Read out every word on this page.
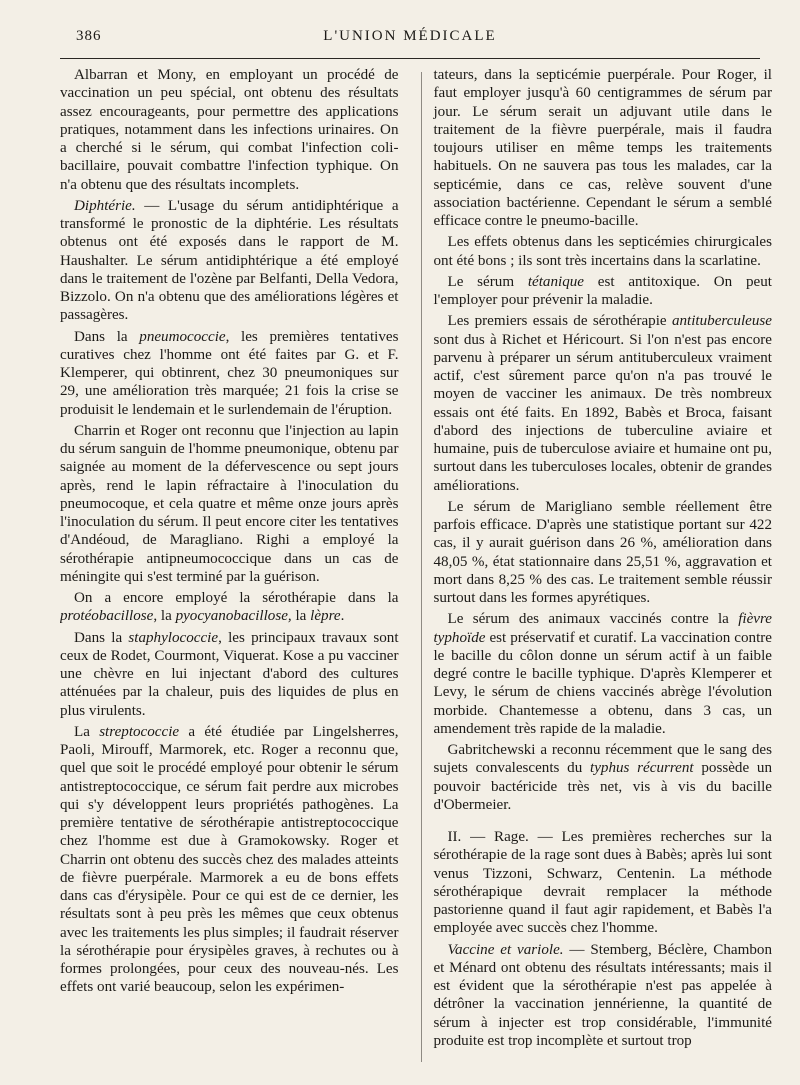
386	L'UNION MÉDICALE

Albarran et Mony, en employant un procédé de vaccination un peu spécial, ont obtenu des résultats assez encourageants, pour permettre des applications pratiques, notamment dans les infections urinaires. On a cherché si le sérum, qui combat l'infection coli-bacillaire, pouvait combattre l'infection typhique. On n'a obtenu que des résultats incomplets.

Diphtérie. — L'usage du sérum antidiphtérique a transformé le pronostic de la diphtérie. Les résultats obtenus ont été exposés dans le rapport de M. Haushalter. Le sérum antidiphtérique a été employé dans le traitement de l'ozène par Belfanti, Della Vedora, Bizzolo. On n'a obtenu que des améliorations légères et passagères.

Dans la pneumococcie, les premières tentatives curatives chez l'homme ont été faites par G. et F. Klemperer, qui obtinrent, chez 30 pneumoniques sur 29, une amélioration très marquée; 21 fois la crise se produisit le lendemain et le surlendemain de l'éruption.

Charrin et Roger ont reconnu que l'injection au lapin du sérum sanguin de l'homme pneumonique, obtenu par saignée au moment de la défervescence ou sept jours après, rend le lapin réfractaire à l'inoculation du pneumocoque, et cela quatre et même onze jours après l'inoculation du sérum. Il peut encore citer les tentatives d'Andéoud, de Maragliano. Righi a employé la sérothérapie antipneumococcique dans un cas de méningite qui s'est terminé par la guérison.

On a encore employé la sérothérapie dans la protéobacillose, la pyocyanobacillose, la lèpre.

Dans la staphylococcie, les principaux travaux sont ceux de Rodet, Courmont, Viquerat. Kose a pu vacciner une chèvre en lui injectant d'abord des cultures atténuées par la chaleur, puis des liquides de plus en plus virulents.

La streptococcie a été étudiée par Lingelsherres, Paoli, Mirouff, Marmorek, etc. Roger a reconnu que, quel que soit le procédé employé pour obtenir le sérum antistreptococcique, ce sérum fait perdre aux microbes qui s'y développent leurs propriétés pathogènes. La première tentative de sérothérapie antistreptococcique chez l'homme est due à Gramokowsky. Roger et Charrin ont obtenu des succès chez des malades atteints de fièvre puerpérale. Marmorek a eu de bons effets dans cas d'érysipèle. Pour ce qui est de ce dernier, les résultats sont à peu près les mêmes que ceux obtenus avec les traitements les plus simples; il faudrait réserver la sérothérapie pour érysipèles graves, à rechutes ou à formes prolongées, pour ceux des nouveau-nés. Les effets ont varié beaucoup, selon les expérimen-

tateurs, dans la septicémie puerpérale. Pour Roger, il faut employer jusqu'à 60 centigrammes de sérum par jour. Le sérum serait un adjuvant utile dans le traitement de la fièvre puerpérale, mais il faudra toujours utiliser en même temps les traitements habituels. On ne sauvera pas tous les malades, car la septicémie, dans ce cas, relève souvent d'une association bactérienne. Cependant le sérum a semblé efficace contre le pneumo-bacille.

Les effets obtenus dans les septicémies chirurgicales ont été bons ; ils sont très incertains dans la scarlatine.

Le sérum tétanique est antitoxique. On peut l'employer pour prévenir la maladie.

Les premiers essais de sérothérapie antituberculeuse sont dus à Richet et Héricourt. Si l'on n'est pas encore parvenu à préparer un sérum antituberculeux vraiment actif, c'est sûrement parce qu'on n'a pas trouvé le moyen de vacciner les animaux. De très nombreux essais ont été faits. En 1892, Babès et Broca, faisant d'abord des injections de tuberculine aviaire et humaine, puis de tuberculose aviaire et humaine ont pu, surtout dans les tuberculoses locales, obtenir de grandes améliorations.

Le sérum de Marigliano semble réellement être parfois efficace. D'après une statistique portant sur 422 cas, il y aurait guérison dans 26 %, amélioration dans 48,05 %, état stationnaire dans 25,51 %, aggravation et mort dans 8,25 % des cas. Le traitement semble réussir surtout dans les formes apyrétiques.

Le sérum des animaux vaccinés contre la fièvre typhoïde est préservatif et curatif. La vaccination contre le bacille du côlon donne un sérum actif à un faible degré contre le bacille typhique. D'après Klemperer et Levy, le sérum de chiens vaccinés abrège l'évolution morbide. Chantemesse a obtenu, dans 3 cas, un amendement très rapide de la maladie.

Gabritchewski a reconnu récemment que le sang des sujets convalescents du typhus récurrent possède un pouvoir bactéricide très net, vis à vis du bacille d'Obermeier.

II. — Rage. — Les premières recherches sur la sérothérapie de la rage sont dues à Babès; après lui sont venus Tizzoni, Schwarz, Centenin. La méthode sérothérapique devrait remplacer la méthode pastorienne quand il faut agir rapidement, et Babès l'a employée avec succès chez l'homme.

Vaccine et variole. — Stemberg, Béclère, Chambon et Ménard ont obtenu des résultats intéressants; mais il est évident que la sérothérapie n'est pas appelée à détrôner la vaccination jennérienne, la quantité de sérum à injecter est trop considérable, l'immunité produite est trop incomplète et surtout trop
